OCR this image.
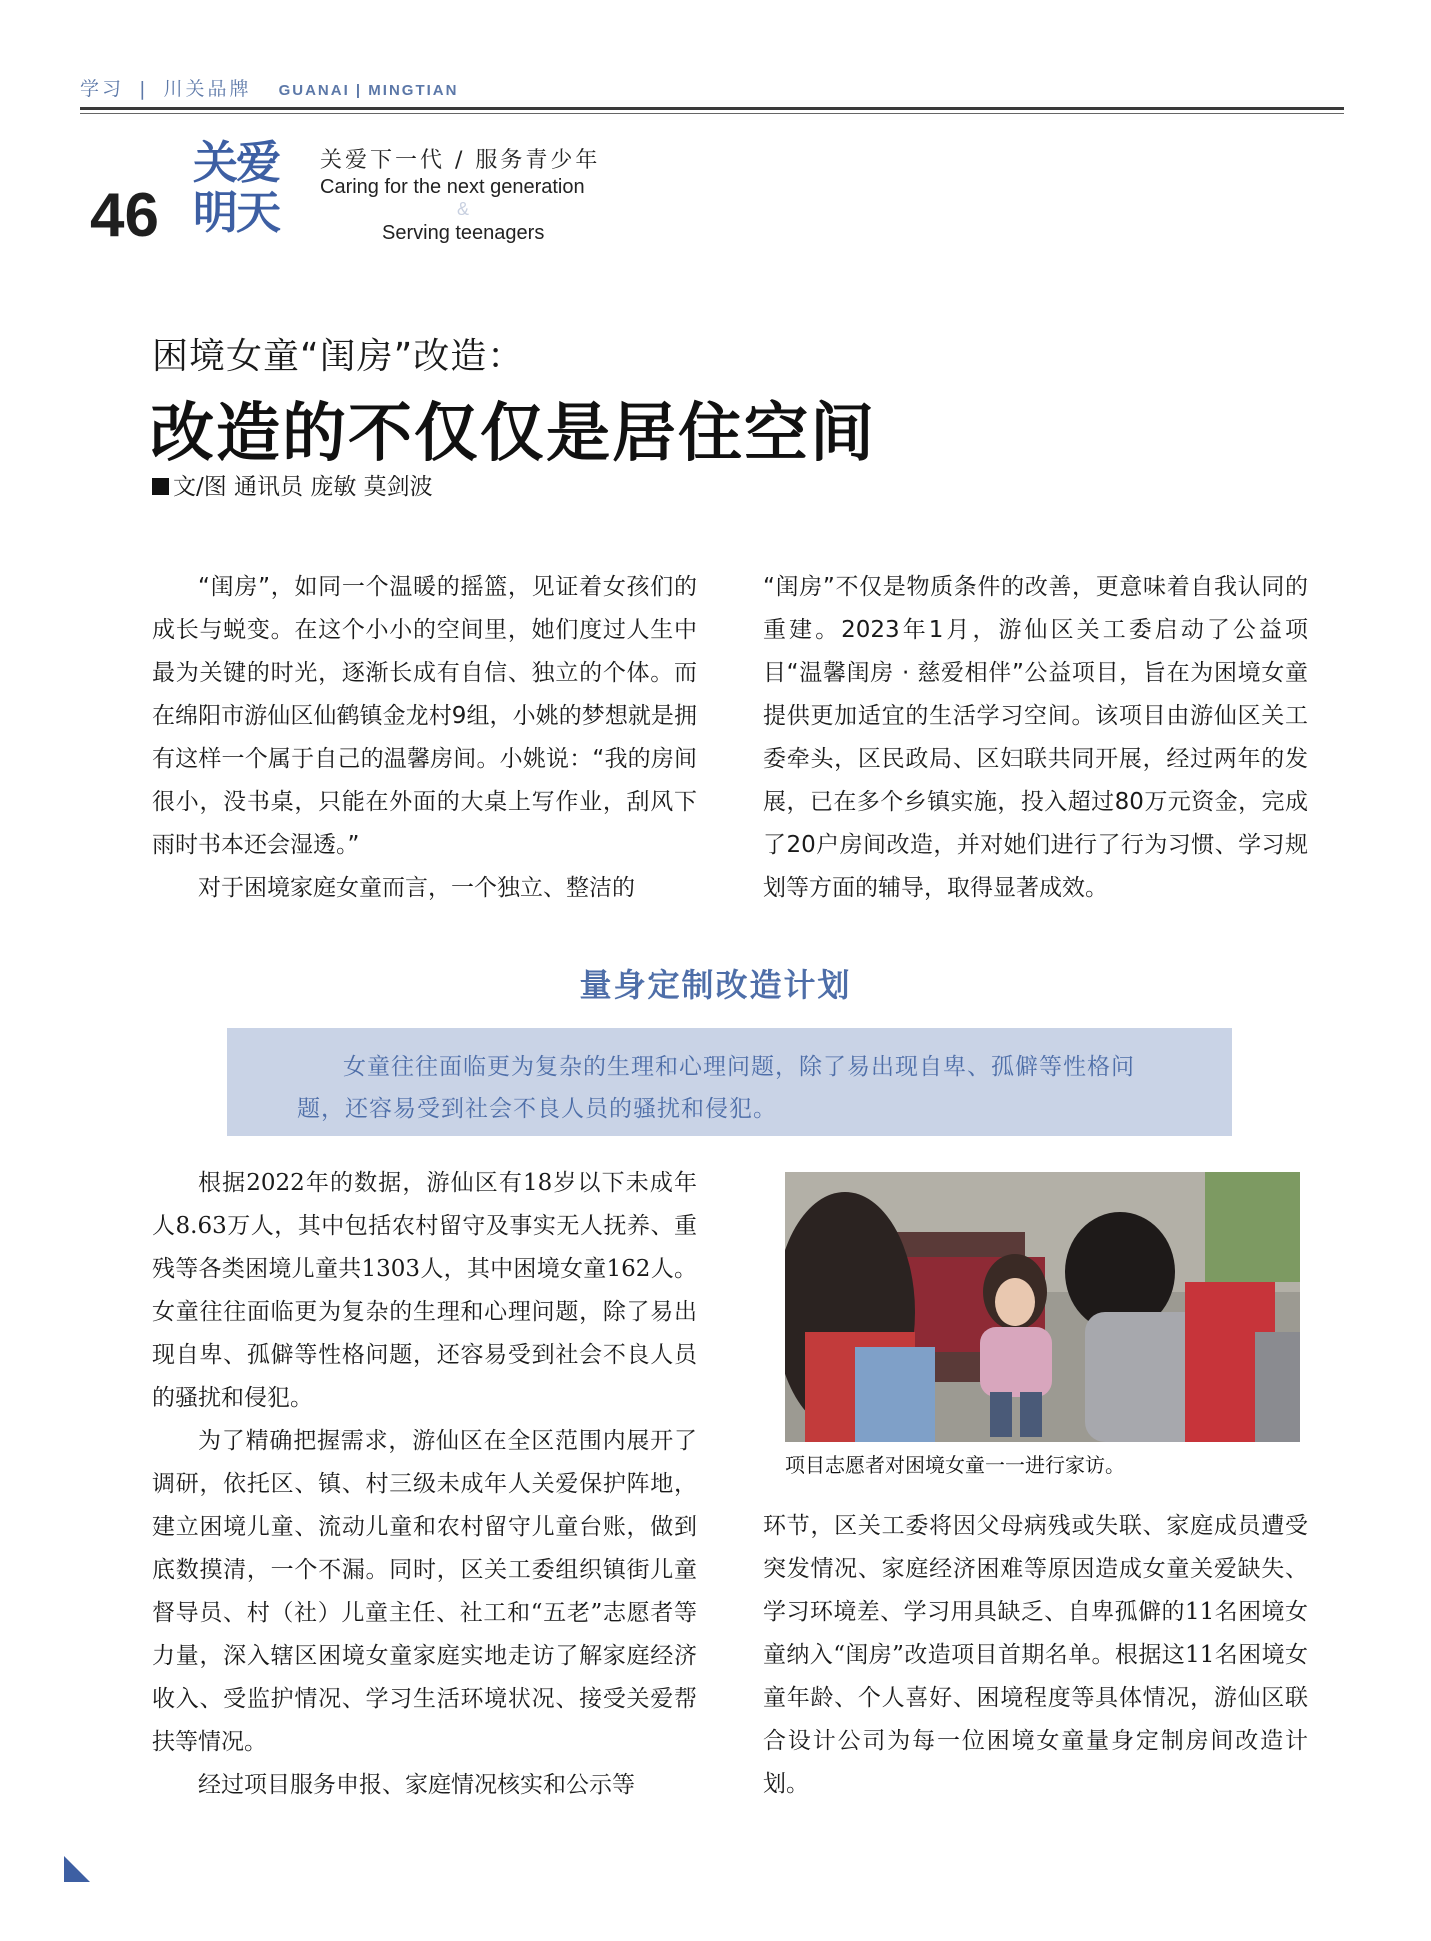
学习 | 川关品牌 GUANAI | MINGTIAN
46
关爱明天
关爱下一代 / 服务青少年
Caring for the next generation
&
Serving teenagers
困境女童“闺房”改造：
改造的不仅仅是居住空间
文/图 通讯员 庞敏 莫剑波

“闺房”，如同一个温暖的摇篮，见证着女孩们的成长与蜕变。在这个小小的空间里，她们度过人生中最为关键的时光，逐渐长成有自信、独立的个体。而在绵阳市游仙区仙鹤镇金龙村9组，小姚的梦想就是拥有这样一个属于自己的温馨房间。小姚说：“我的房间很小，没书桌，只能在外面的大桌上写作业，刮风下雨时书本还会湿透。”

对于困境家庭女童而言，一个独立、整洁的

“闺房”不仅是物质条件的改善，更意味着自我认同的重建。2023年1月，游仙区关工委启动了公益项目“温馨闺房 · 慈爱相伴”公益项目，旨在为困境女童提供更加适宜的生活学习空间。该项目由游仙区关工委牵头，区民政局、区妇联共同开展，经过两年的发展，已在多个乡镇实施，投入超过80万元资金，完成了20户房间改造，并对她们进行了行为习惯、学习规划等方面的辅导，取得显著成效。

量身定制改造计划

女童往往面临更为复杂的生理和心理问题，除了易出现自卑、孤僻等性格问题，还容易受到社会不良人员的骚扰和侵犯。

根据2022年的数据，游仙区有18岁以下未成年人8.63万人，其中包括农村留守及事实无人抚养、重残等各类困境儿童共1303人，其中困境女童162人。女童往往面临更为复杂的生理和心理问题，除了易出现自卑、孤僻等性格问题，还容易受到社会不良人员的骚扰和侵犯。

为了精确把握需求，游仙区在全区范围内展开了调研，依托区、镇、村三级未成年人关爱保护阵地，建立困境儿童、流动儿童和农村留守儿童台账，做到底数摸清，一个不漏。同时，区关工委组织镇街儿童督导员、村（社）儿童主任、社工和“五老”志愿者等力量，深入辖区困境女童家庭实地走访了解家庭经济收入、受监护情况、学习生活环境状况、接受关爱帮扶等情况。

经过项目服务申报、家庭情况核实和公示等

项目志愿者对困境女童一一进行家访。

环节，区关工委将因父母病残或失联、家庭成员遭受突发情况、家庭经济困难等原因造成女童关爱缺失、学习环境差、学习用具缺乏、自卑孤僻的11名困境女童纳入“闺房”改造项目首期名单。根据这11名困境女童年龄、个人喜好、困境程度等具体情况，游仙区联合设计公司为每一位困境女童量身定制房间改造计划。
